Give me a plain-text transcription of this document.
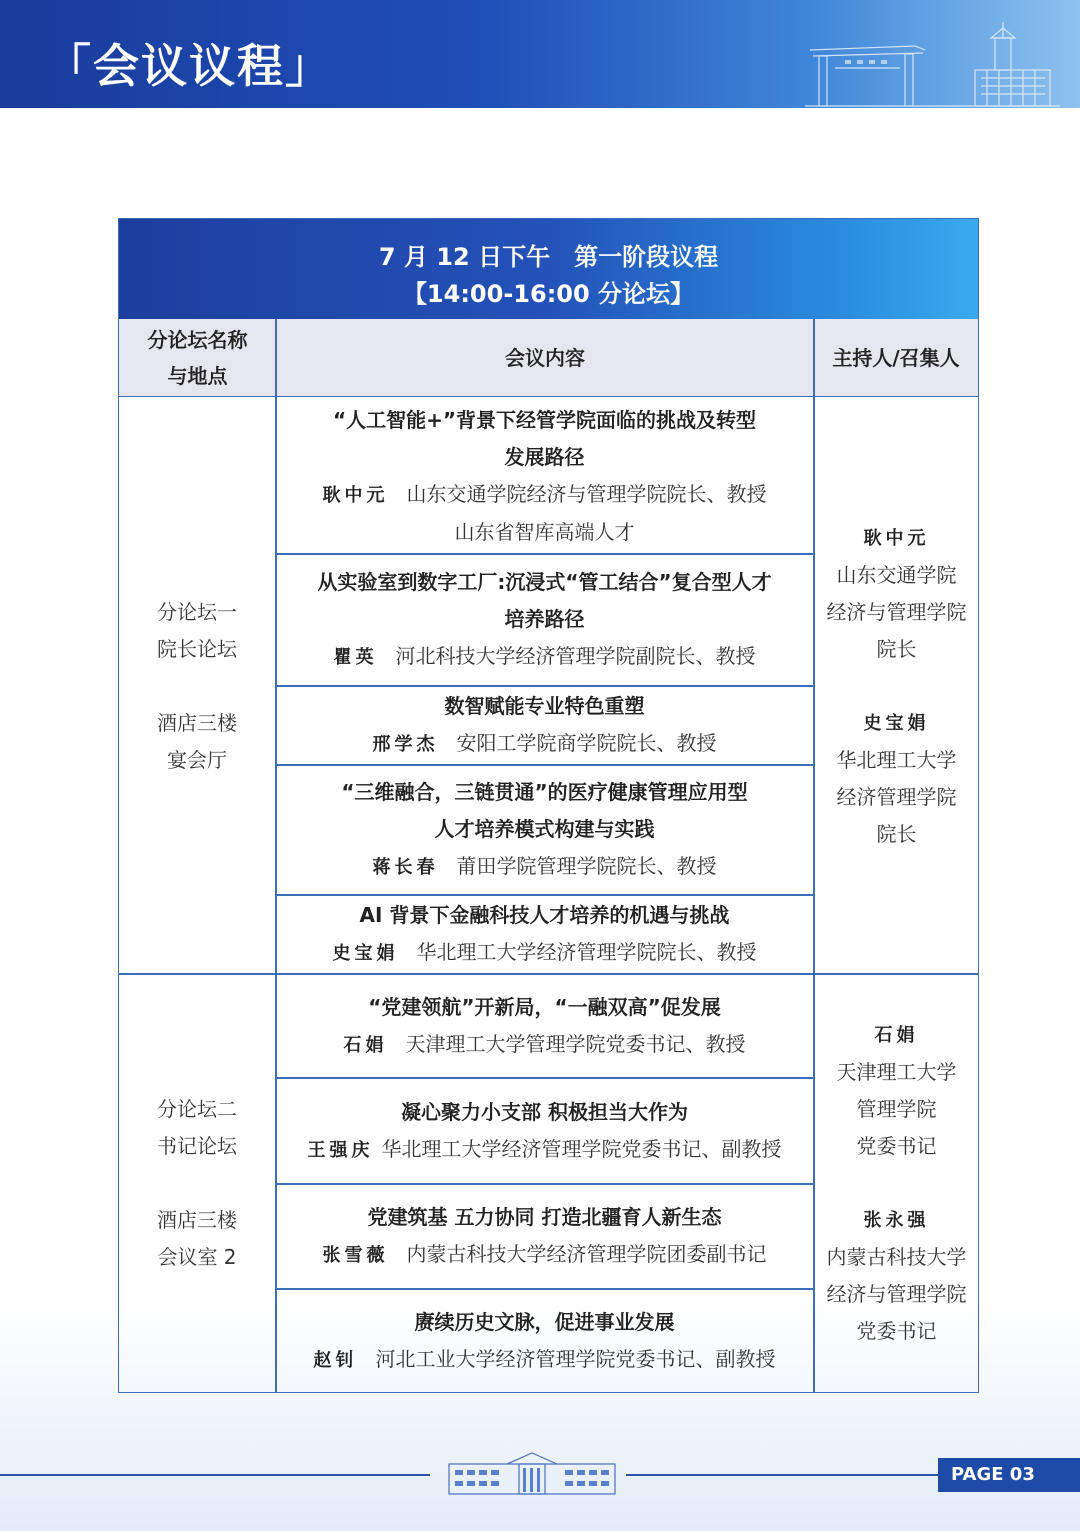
「会议议程」
7 月 12 日下午　第一阶段议程
【14:00-16:00 分论坛】
分论坛名称
与地点
会议内容	主持人/召集人
分论坛一
院长论坛
酒店三楼
宴会厅
“人工智能+”背景下经管学院面临的挑战及转型
发展路径
耿中元 山东交通学院经济与管理学院院长、教授
山东省智库高端人才
从实验室到数字工厂:沉浸式“管工结合”复合型人才
培养路径
瞿英 河北科技大学经济管理学院副院长、教授
数智赋能专业特色重塑
邢学杰 安阳工学院商学院院长、教授
“三维融合，三链贯通”的医疗健康管理应用型
人才培养模式构建与实践
蒋长春 莆田学院管理学院院长、教授
AI 背景下金融科技人才培养的机遇与挑战
史宝娟 华北理工大学经济管理学院院长、教授
耿中元
山东交通学院
经济与管理学院
院长
史宝娟
华北理工大学
经济管理学院
院长
分论坛二
书记论坛
酒店三楼
会议室 2
“党建领航”开新局，“一融双高”促发展
石娟 天津理工大学管理学院党委书记、教授
凝心聚力小支部 积极担当大作为
王强庆 华北理工大学经济管理学院党委书记、副教授
党建筑基 五力协同 打造北疆育人新生态
张雪薇 内蒙古科技大学经济管理学院团委副书记
赓续历史文脉，促进事业发展
赵钊 河北工业大学经济管理学院党委书记、副教授
石娟
天津理工大学
管理学院
党委书记
张永强
内蒙古科技大学
经济与管理学院
党委书记
PAGE 03
